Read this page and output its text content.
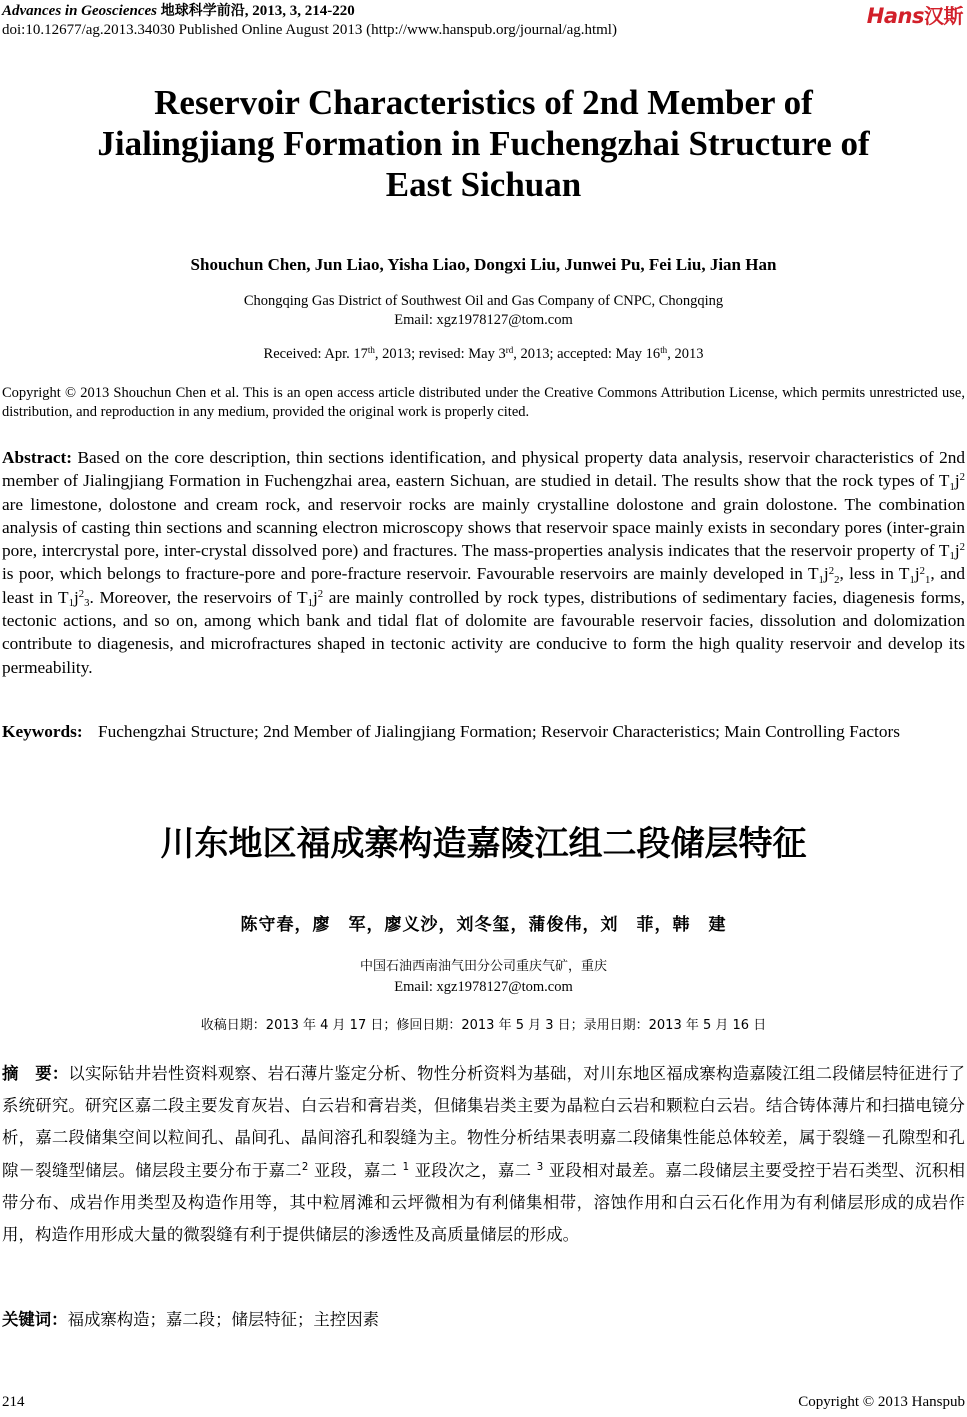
Advances in Geosciences 地球科学前沿, 2013, 3, 214-220
doi:10.12677/ag.2013.34030 Published Online August 2013 (http://www.hanspub.org/journal/ag.html)
Hans汉斯
Reservoir Characteristics of 2nd Member of
Jialingjiang Formation in Fuchengzhai Structure of
East Sichuan
Shouchun Chen, Jun Liao, Yisha Liao, Dongxi Liu, Junwei Pu, Fei Liu, Jian Han
Chongqing Gas District of Southwest Oil and Gas Company of CNPC, Chongqing
Email: xgz1978127@tom.com
Received: Apr. 17th, 2013; revised: May 3rd, 2013; accepted: May 16th, 2013
Copyright © 2013 Shouchun Chen et al. This is an open access article distributed under the Creative Commons Attribution License, which permits unrestricted use, distribution, and reproduction in any medium, provided the original work is properly cited.
Abstract: Based on the core description, thin sections identification, and physical property data analysis, reservoir characteristics of 2nd member of Jialingjiang Formation in Fuchengzhai area, eastern Sichuan, are studied in detail. The results show that the rock types of $T_1j^2$ are limestone, dolostone and cream rock, and reservoir rocks are mainly crystalline dolostone and grain dolostone. The combination analysis of casting thin sections and scanning electron microscopy shows that reservoir space mainly exists in secondary pores (inter-grain pore, intercrystal pore, inter-crystal dissolved pore) and fractures. The mass-properties analysis indicates that the reservoir property of $T_1j^2$ is poor, which belongs to fracture-pore and pore-fracture reservoir. Favourable reservoirs are mainly developed in $T_1j^2_2$, less in $T_1j^2_1$, and least in $T_1j^2_3$. Moreover, the reservoirs of $T_1j^2$ are mainly controlled by rock types, distributions of sedimentary facies, diagenesis forms, tectonic actions, and so on, among which bank and tidal flat of dolomite are favourable reservoir facies, dissolution and dolomization contribute to diagenesis, and microfractures shaped in tectonic activity are conducive to form the high quality reservoir and develop its permeability.
Keywords: Fuchengzhai Structure; 2nd Member of Jialingjiang Formation; Reservoir Characteristics; Main Controlling Factors
川东地区福成寨构造嘉陵江组二段储层特征
陈守春，廖　军，廖义沙，刘冬玺，蒲俊伟，刘　菲，韩　建
中国石油西南油气田分公司重庆气矿，重庆
Email: xgz1978127@tom.com
收稿日期：2013 年 4 月 17 日；修回日期：2013 年 5 月 3 日；录用日期：2013 年 5 月 16 日
摘　要：以实际钻井岩性资料观察、岩石薄片鉴定分析、物性分析资料为基础，对川东地区福成寨构造嘉陵江组二段储层特征进行了系统研究。研究区嘉二段主要发育灰岩、白云岩和膏岩类，但储集岩类主要为晶粒白云岩和颗粒白云岩。结合铸体薄片和扫描电镜分析，嘉二段储集空间以粒间孔、晶间孔、晶间溶孔和裂缝为主。物性分析结果表明嘉二段储集性能总体较差，属于裂缝－孔隙型和孔隙－裂缝型储层。储层段主要分布于嘉二$^2$ 亚段，嘉二 $^1$ 亚段次之，嘉二 $^3$ 亚段相对最差。嘉二段储层主要受控于岩石类型、沉积相带分布、成岩作用类型及构造作用等，其中粒屑滩和云坪微相为有利储集相带，溶蚀作用和白云石化作用为有利储层形成的成岩作用，构造作用形成大量的微裂缝有利于提供储层的渗透性及高质量储层的形成。
关键词：福成寨构造；嘉二段；储层特征；主控因素
214	Copyright © 2013 Hanspub
